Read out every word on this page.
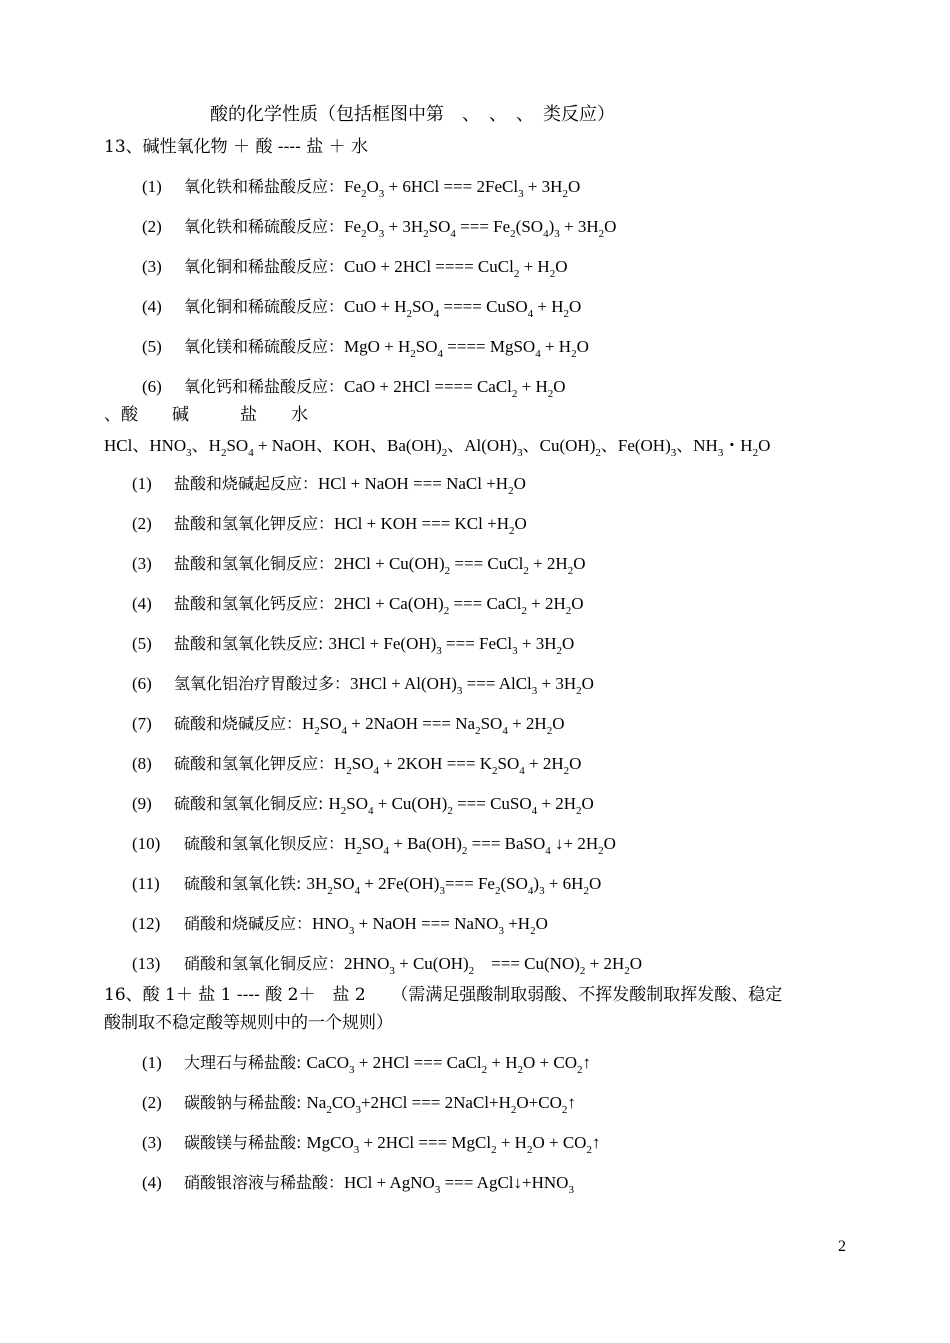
酸的化学性质（包括框图中第　、　、　、　类反应）
13、碱性氧化物 ＋ 酸 ---- 盐 ＋ 水
(1) 氧化铁和稀盐酸反应：$Fe_2O_3 + 6HCl$ === 2FeCl$_3$ + $3H_2O$
(2) 氧化铁和稀硫酸反应：$Fe_2O_3 + 3H_2SO_4$ === $Fe_2(SO_4)_3 + 3H_2O$
(3) 氧化铜和稀盐酸反应：CuO + 2HCl ==== CuCl$_2$ + $H_2O$
(4) 氧化铜和稀硫酸反应：CuO + $H_2SO_4$ ==== CuSO$_4$ + $H_2O$
(5) 氧化镁和稀硫酸反应：MgO + $H_2SO_4$ ==== MgSO$_4$ + $H_2O$
(6) 氧化钙和稀盐酸反应：CaO + 2HCl ==== CaCl$_2$ + $H_2O$
、酸　　碱　　　盐　　水
HCl、$HNO_3$、$H_2SO_4$ + NaOH、KOH、$Ba(OH)_2$、$Al(OH)_3$、$Cu(OH)_2$、$Fe(OH)_3$、$NH_3$・$H_2O$
(1) 盐酸和烧碱起反应：HCl + NaOH === NaCl $+H_2O$
(2) 盐酸和氢氧化钾反应：HCl + KOH === KCl $+H_2O$
(3) 盐酸和氢氧化铜反应：$2HCl + Cu(OH)_2$ === CuCl$_2$ + $2H_2O$
(4) 盐酸和氢氧化钙反应：$2HCl + Ca(OH)_2$ === CaCl$_2$ + $2H_2O$
(5) 盐酸和氢氧化铁反应: $3HCl + Fe(OH)_3$ === FeCl$_3$ + $3H_2O$
(6) 氢氧化铝治疗胃酸过多：$3HCl + Al(OH)_3$ === AlCl$_3$ + $3H_2O$
(7) 硫酸和烧碱反应：$H_2SO_4$ + 2NaOH === $Na_2SO_4 + 2H_2O$
(8) 硫酸和氢氧化钾反应：$H_2SO_4 + 2KOH$ === $K_2SO_4 + 2H_2O$
(9) 硫酸和氢氧化铜反应: $H_2SO_4 + Cu(OH)_2$ === CuSO$_4$ + $2H_2O$
(10) 硫酸和氢氧化钡反应：$H_2SO_4 + Ba(OH)_2$ === BaSO$_4$ ↓+ $2H_2O$
(11) 硫酸和氢氧化铁: $3H_2SO_4 + 2Fe(OH)_3=== Fe_2(SO_4)_3 + 6H_2O$
(12) 硝酸和烧碱反应：$HNO_3$ + NaOH === NaNO$_3$ $+H_2O$
(13) 硝酸和氢氧化铜反应：$2HNO_3 + Cu(OH)_2$　=== $Cu(NO)_2 + 2H_2O$
16、酸 1＋ 盐 1 ---- 酸 2＋　盐 2　　（需满足强酸制取弱酸、不挥发酸制取挥发酸、稳定
酸制取不稳定酸等规则中的一个规则）
(1) 大理石与稀盐酸: CaCO$_3$ + 2HCl === CaCl$_2$ + $H_2O$ + $CO_2↑$
(2) 碳酸钠与稀盐酸: $Na_2CO_3+2HCl$ === $2NaCl+H_2O+CO_2↑$
(3) 碳酸镁与稀盐酸: MgCO$_3$ + 2HCl === MgCl$_2$ + $H_2O$ + $CO_2↑$
(4) 硝酸银溶液与稀盐酸：HCl + AgNO$_3$ === $AgCl↓+HNO_3$
2
